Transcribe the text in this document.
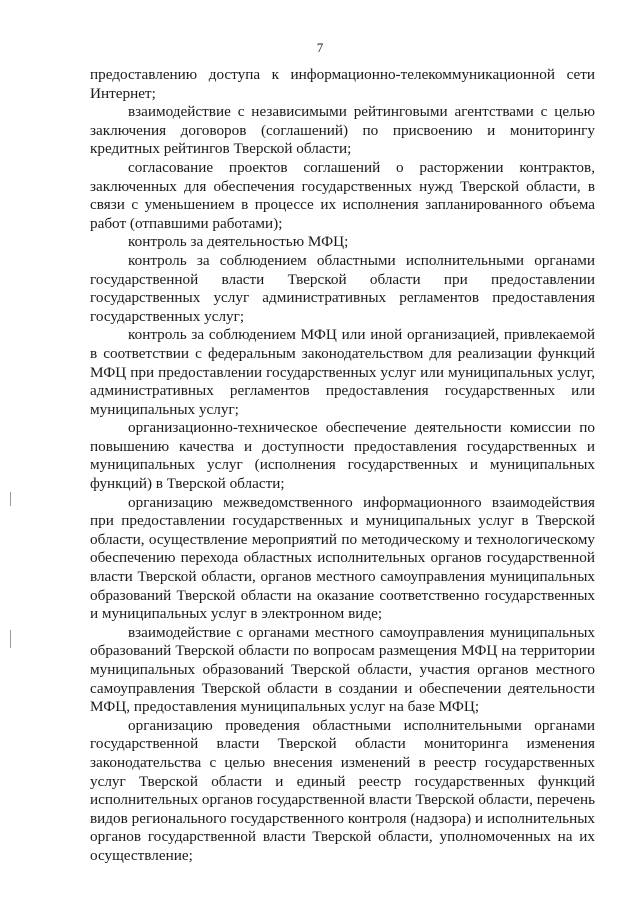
7

предоставлению доступа к информационно-телекоммуникационной сети Интернет;

взаимодействие с независимыми рейтинговыми агентствами с целью заключения договоров (соглашений) по присвоению и мониторингу кредитных рейтингов Тверской области;

согласование проектов соглашений о расторжении контрактов, заключенных для обеспечения государственных нужд Тверской области, в связи с уменьшением в процессе их исполнения запланированного объема работ (отпавшими работами);

контроль за деятельностью МФЦ;

контроль за соблюдением областными исполнительными органами государственной власти Тверской области при предоставлении государственных услуг административных регламентов предоставления государственных услуг;

контроль за соблюдением МФЦ или иной организацией, привлекаемой в соответствии с федеральным законодательством для реализации функций МФЦ при предоставлении государственных услуг или муниципальных услуг, административных регламентов предоставления государственных или муниципальных услуг;

организационно-техническое обеспечение деятельности комиссии по повышению качества и доступности предоставления государственных и муниципальных услуг (исполнения государственных и муниципальных функций) в Тверской области;

организацию межведомственного информационного взаимодействия при предоставлении государственных и муниципальных услуг в Тверской области, осуществление мероприятий по методическому и технологическому обеспечению перехода областных исполнительных органов государственной власти Тверской области, органов местного самоуправления муниципальных образований Тверской области на оказание соответственно государственных и муниципальных услуг в электронном виде;

взаимодействие с органами местного самоуправления муниципальных образований Тверской области по вопросам размещения МФЦ на территории муниципальных образований Тверской области, участия органов местного самоуправления Тверской области в создании и обеспечении деятельности МФЦ, предоставления муниципальных услуг на базе МФЦ;

организацию проведения областными исполнительными органами государственной власти Тверской области мониторинга изменения законодательства с целью внесения изменений в реестр государственных услуг Тверской области и единый реестр государственных функций исполнительных органов государственной власти Тверской области, перечень видов регионального государственного контроля (надзора) и исполнительных органов государственной власти Тверской области, уполномоченных на их осуществление;
